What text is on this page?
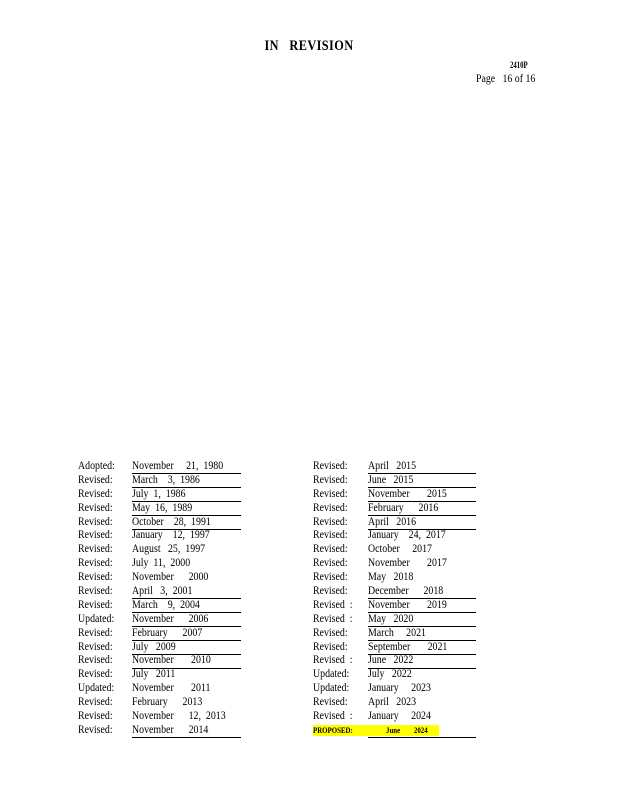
IN   REVISION
2410P
Page 16 of 16
Adopted: November     21,  1980
Revised: March    3,  1986
Revised: July  1,  1986
Revised: May  16,  1989
Revised: October    28,  1991
Revised: January    12,  1997
Revised: August   25,  1997
Revised: July  11,  2000
Revised: November      2000
Revised: April   3,  2001
Revised: March    9,  2004
Updated: November      2006
Revised: February      2007
Revised: July   2009
Revised: November       2010
Revised: July   2011
Updated: November       2011
Revised: February      2013
Revised: November      12,  2013
Revised: November      2014
Revised: April   2015
Revised: June   2015
Revised: November       2015
Revised: February      2016
Revised: April   2016
Revised: January    24,  2017
Revised: October     2017
Revised: November       2017
Revised: May   2018
Revised: December      2018
Revised  : November       2019
Revised  : May   2020
Revised: March     2021
Revised: September       2021
Revised  : June   2022
Updated: July   2022
Updated: January     2023
Revised: April   2023
Revised  : January     2024
PROPOSED:	June        2024
